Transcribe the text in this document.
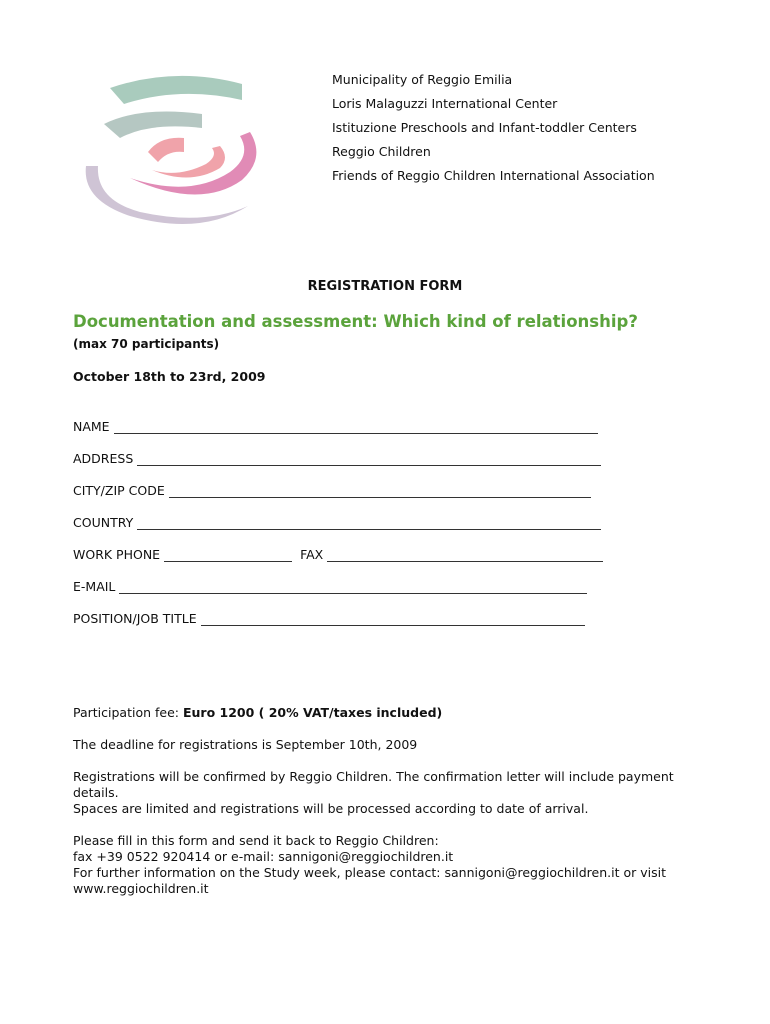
Municipality of Reggio Emilia
Loris Malaguzzi International Center
Istituzione Preschools and Infant-toddler Centers
Reggio Children
Friends of Reggio Children International Association
REGISTRATION FORM
Documentation and assessment: Which kind of relationship?
(max 70 participants)
October 18th to 23rd, 2009
NAME
ADDRESS
CITY/ZIP CODE
COUNTRY
WORK PHONE	FAX
E-MAIL
POSITION/JOB TITLE
Participation fee: Euro 1200 ( 20% VAT/taxes included)
The deadline for registrations is September 10th, 2009
Registrations will be confirmed by Reggio Children. The confirmation letter will include payment details.
Spaces are limited and registrations will be processed according to date of arrival.
Please fill in this form and send it back to Reggio Children:
fax +39 0522 920414 or e-mail: sannigoni@reggiochildren.it
For further information on the Study week, please contact: sannigoni@reggiochildren.it or visit www.reggiochildren.it
